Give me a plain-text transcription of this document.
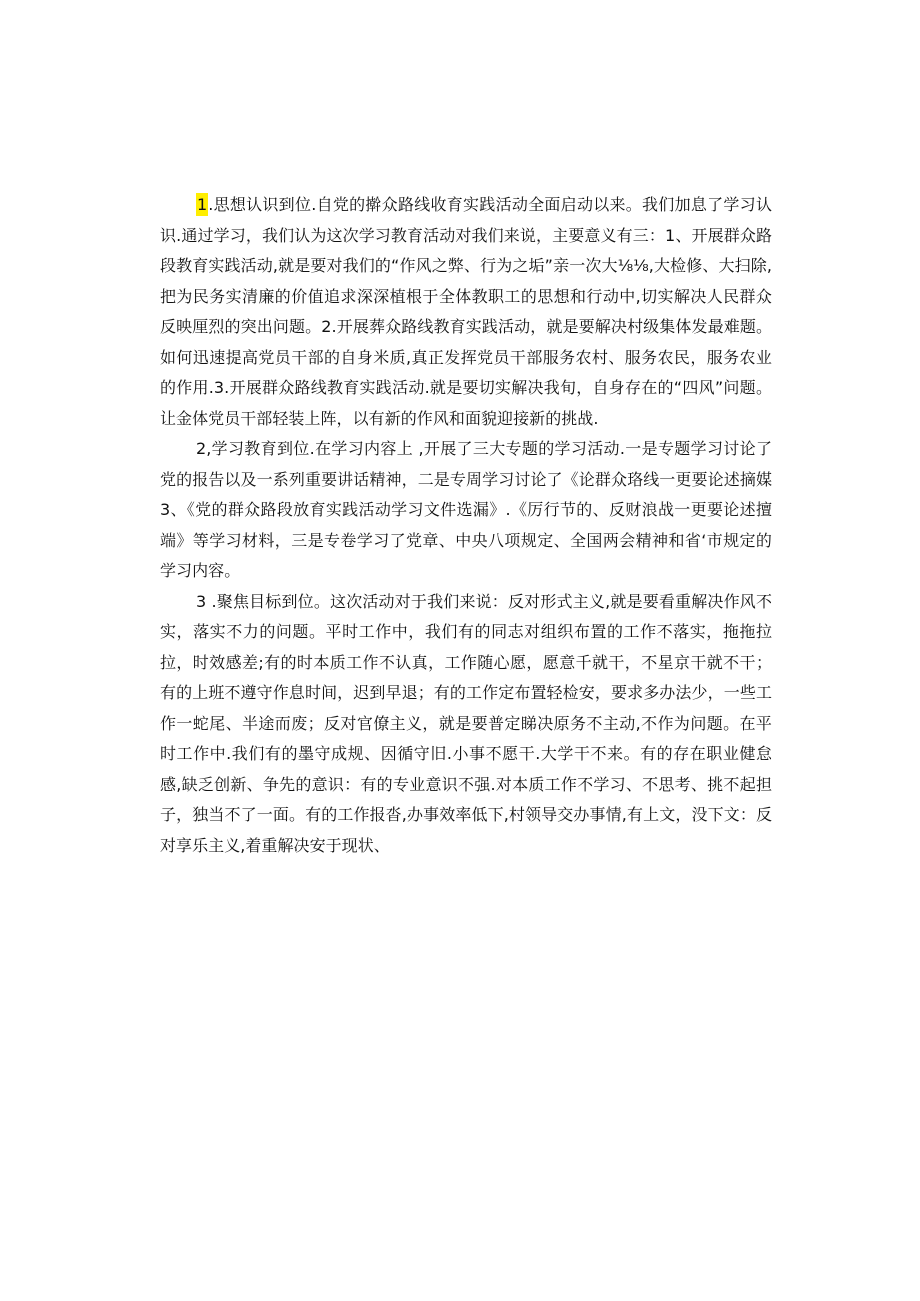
1.思想认识到位.自党的擀众路线收育实践活动全面启动以来。我们加息了学习认识.通过学习，我们认为这次学习教育活动对我们来说，主要意义有三：1、开展群众路段教育实践活动,就是要对我们的“作风之弊、行为之垢”亲一次大⅛⅛,大检修、大扫除,把为民务实清廉的价值追求深深植根于全体教职工的思想和行动中,切实解决人民群众反映厘烈的突出问题。2.开展葬众路线教育实践活动，就是要解决村级集体发最难题。如何迅速提高党员干部的自身米质,真正发挥党员干部服务农村、服务农民，服务农业的作用.3.开展群众路线教育实践活动.就是要切实解决我旬，自身存在的“四风”问题。让金体党员干部轻装上阵，以有新的作风和面貌迎接新的挑战.

2,学习教育到位.在学习内容上 ,开展了三大专题的学习活动.一是专题学习讨论了党的报告以及一系列重要讲话精神，二是专周学习讨论了《论群众珞线一更要论述摘媒3、《党的群众路段放育实践活动学习文件选漏》.《厉行节的、反财浪战一更要论述擅端》等学习材料，三是专卷学习了党章、中央八项规定、全国两会精神和省‘市规定的学习内容。

3 .聚焦目标到位。这次活动对于我们来说：反对形式主义,就是要看重解决作风不实，落实不力的问题。平时工作中，我们有的同志对组织布置的工作不落实，拖拖拉拉，时效感差;有的时本质工作不认真，工作随心愿，愿意千就干，不星京干就不干；有的上班不遵守作息时间，迟到早退；有的工作定布置轻检安，要求多办法少，一些工作一蛇尾、半途而废；反对官僚主义，就是要普定睇决原务不主动,不作为问题。在平时工作中.我们有的墨守成规、因循守旧.小事不愿干.大学干不来。有的存在职业健怠感,缺乏创新、争先的意识：有的专业意识不强.对本质工作不学习、不思考、挑不起担子，独当不了一面。有的工作报沓,办事效率低下,村领导交办事情,有上文，没下文：反对享乐主义,着重解决安于现状、
